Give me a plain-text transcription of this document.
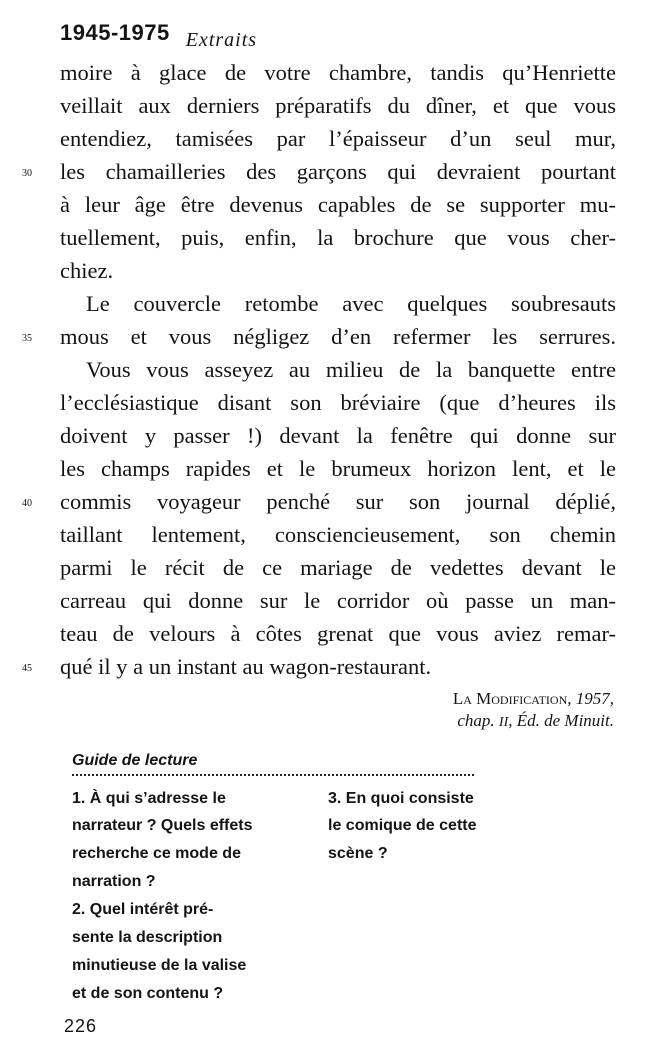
1945-1975 Extraits
moire à glace de votre chambre, tandis qu’Henriette
veillait aux derniers préparatifs du dîner, et que vous
entendiez, tamisées par l’épaisseur d’un seul mur,
les chamailleries des garçons qui devraient pourtant
à leur âge être devenus capables de se supporter mu-
tuellement, puis, enfin, la brochure que vous cher-
chiez.
Le couvercle retombe avec quelques soubresauts
mous et vous négligez d’en refermer les serrures.
Vous vous asseyez au milieu de la banquette entre
l’ecclésiastique disant son bréviaire (que d’heures ils
doivent y passer !) devant la fenêtre qui donne sur
les champs rapides et le brumeux horizon lent, et le
commis voyageur penché sur son journal déplié,
taillant lentement, consciencieusement, son chemin
parmi le récit de ce mariage de vedettes devant le
carreau qui donne sur le corridor où passe un man-
teau de velours à côtes grenat que vous aviez remar-
qué il y a un instant au wagon-restaurant.
30
35
40
45
La Modification, 1957,
chap. II, Éd. de Minuit.
Guide de lecture
1. À qui s’adresse le
narrateur ? Quels effets
recherche ce mode de
narration ?
2. Quel intérêt pré-
sente la description
minutieuse de la valise
et de son contenu ?
3. En quoi consiste
le comique de cette
scène ?
226
